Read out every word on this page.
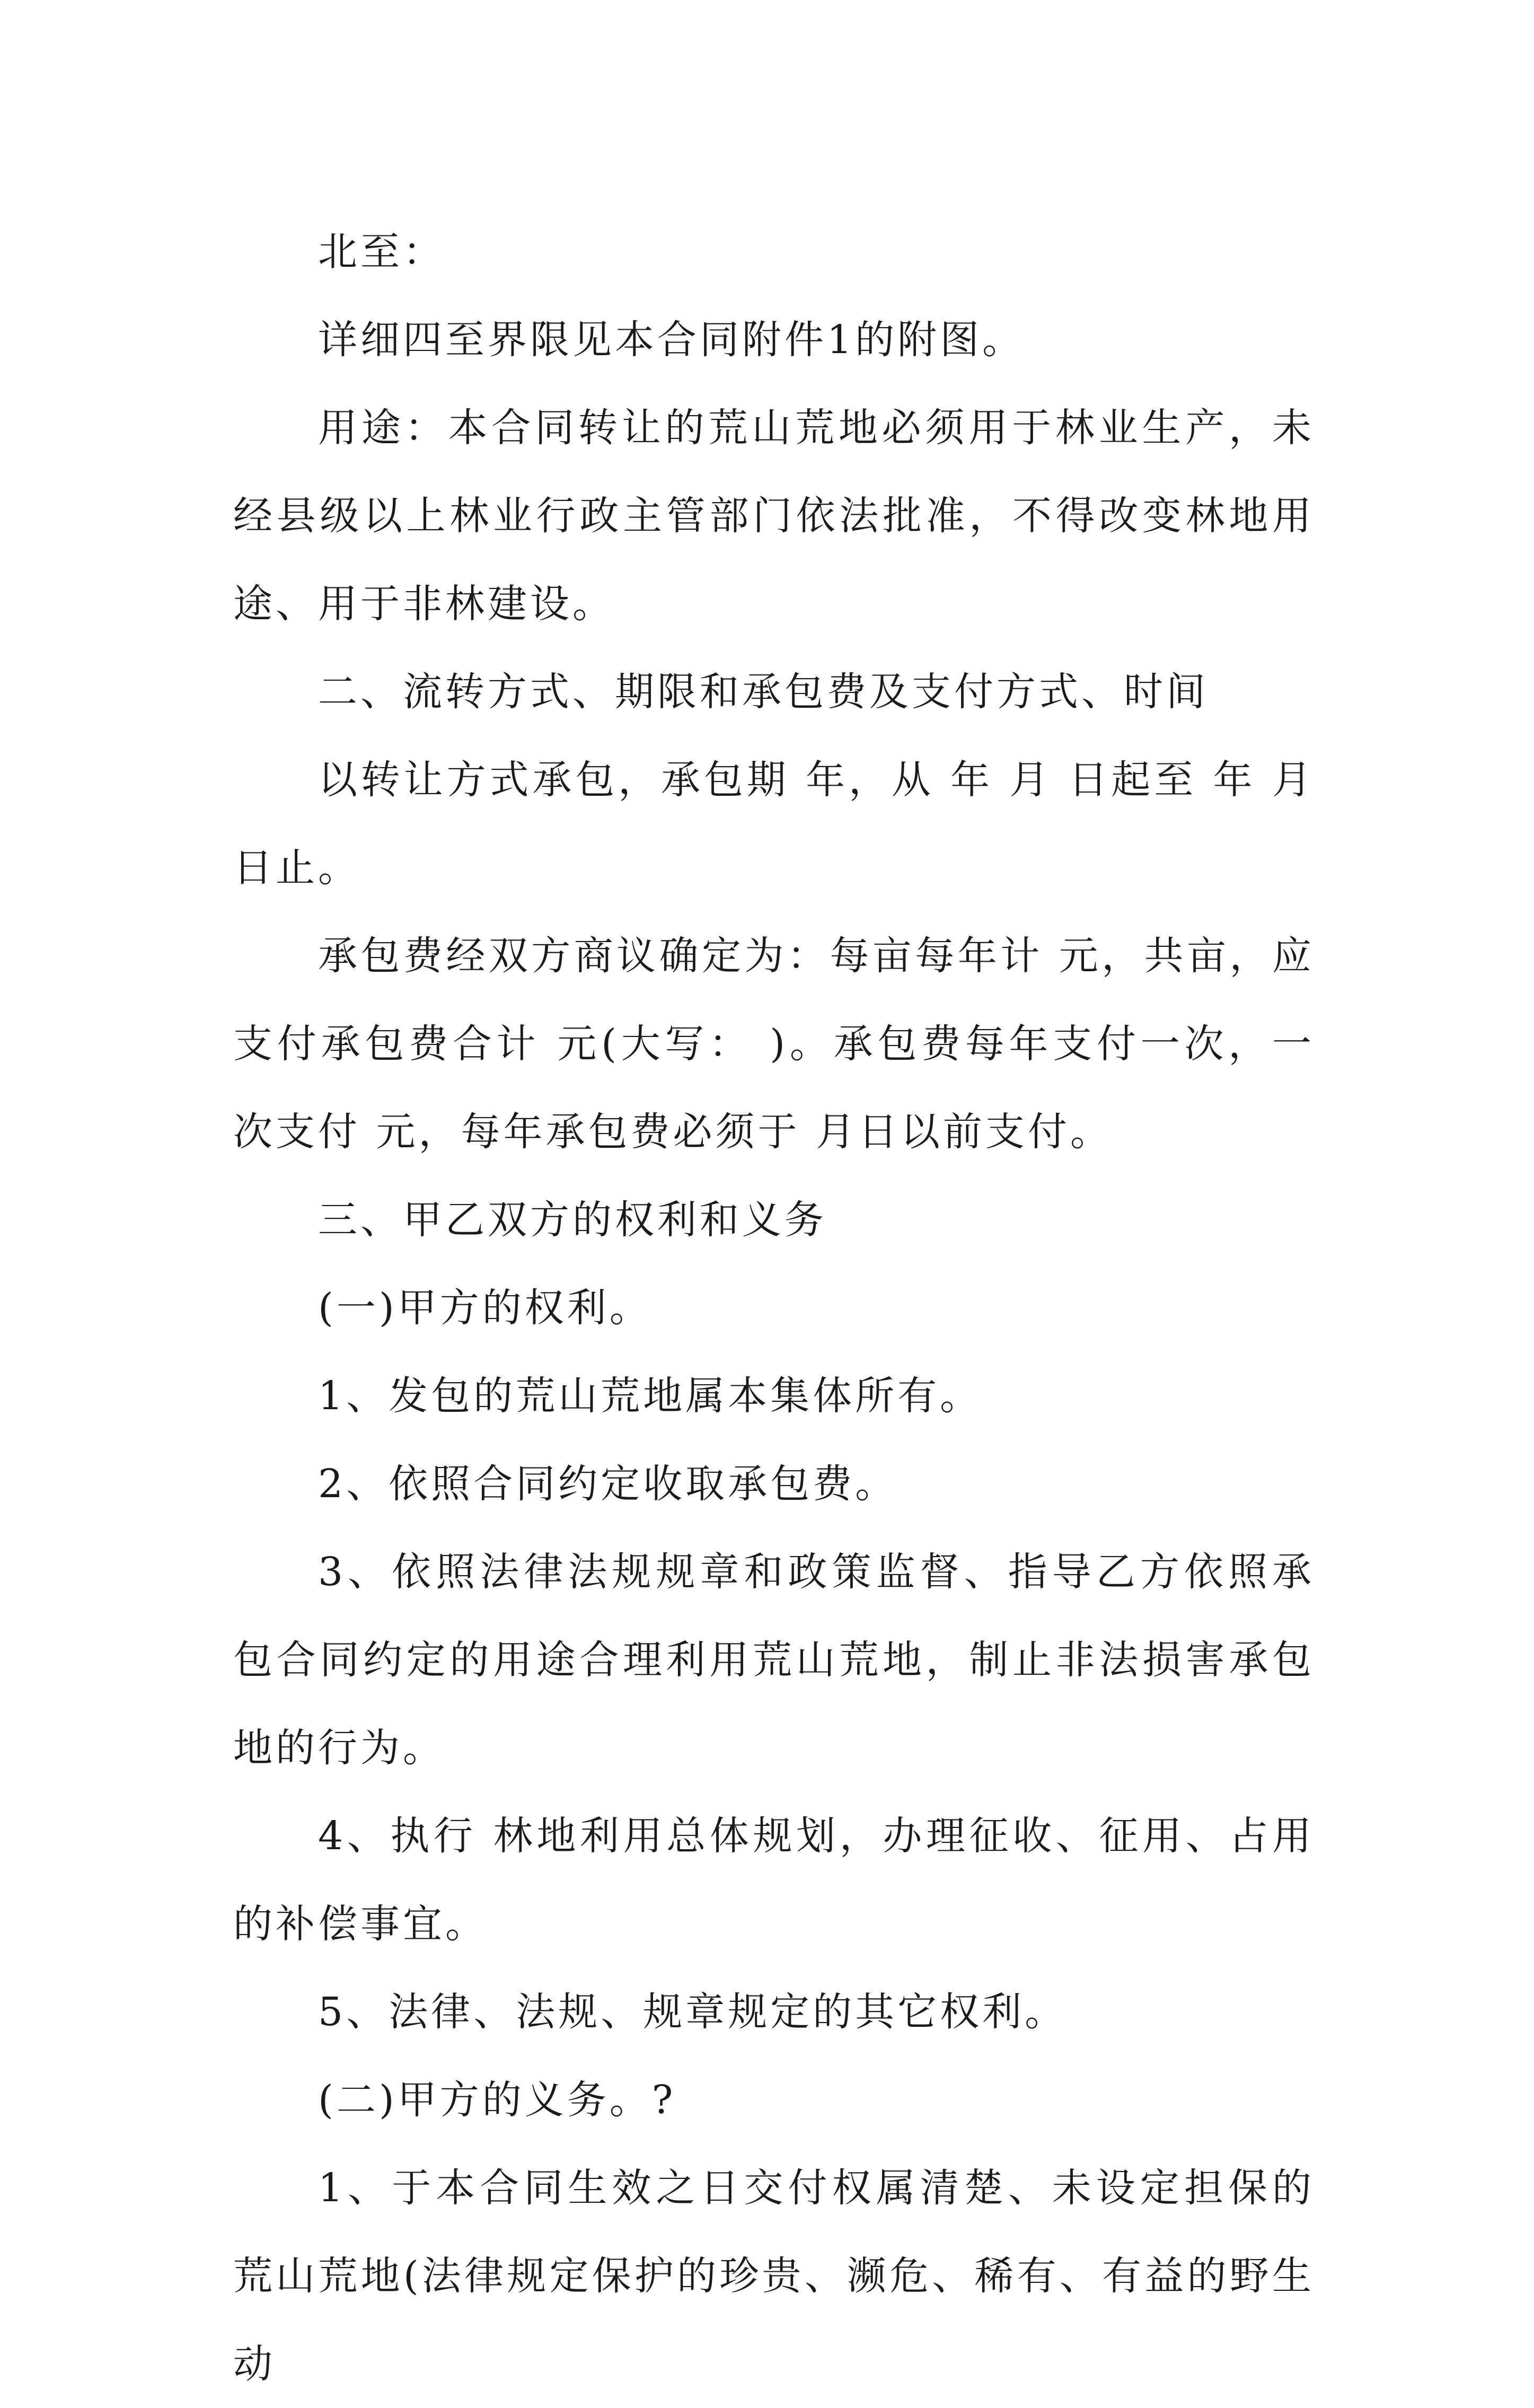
北至：

详细四至界限见本合同附件1的附图。

用途：本合同转让的荒山荒地必须用于林业生产，未经县级以上林业行政主管部门依法批准，不得改变林地用途、用于非林建设。

二、流转方式、期限和承包费及支付方式、时间

以转让方式承包，承包期 年，从 年 月 日起至 年 月日止。

承包费经双方商议确定为：每亩每年计 元，共亩，应支付承包费合计 元(大写： )。承包费每年支付一次，一次支付 元，每年承包费必须于 月日以前支付。

三、甲乙双方的权利和义务

(一)甲方的权利。

1、发包的荒山荒地属本集体所有。

2、依照合同约定收取承包费。

3、依照法律法规规章和政策监督、指导乙方依照承包合同约定的用途合理利用荒山荒地，制止非法损害承包地的行为。

4、执行 林地利用总体规划，办理征收、征用、占用的补偿事宜。

5、法律、法规、规章规定的其它权利。

(二)甲方的义务。?

1、于本合同生效之日交付权属清楚、未设定担保的荒山荒地(法律规定保护的珍贵、濒危、稀有、有益的野生动
